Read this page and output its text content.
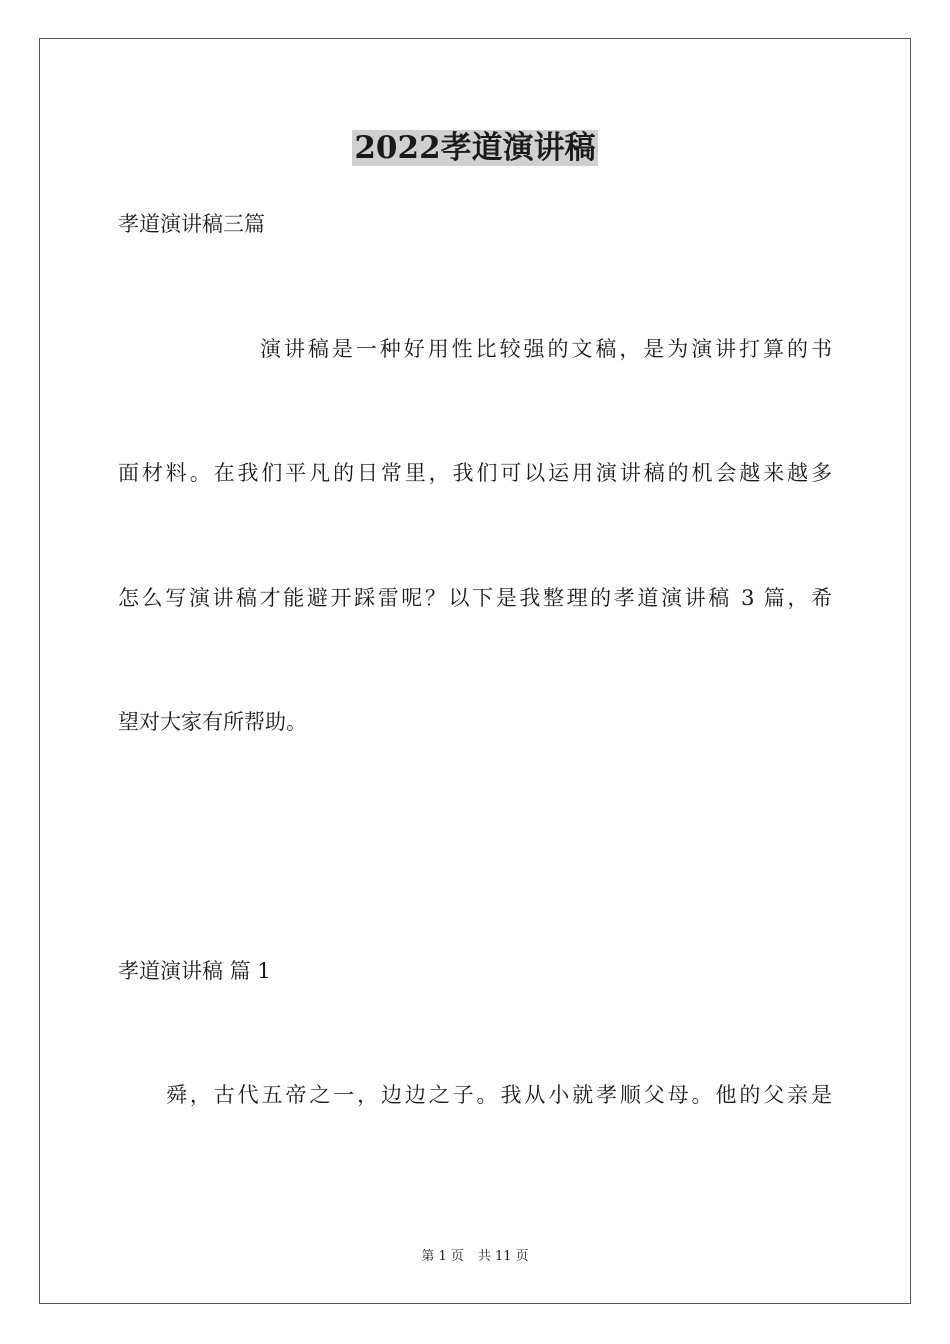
2022孝道演讲稿
孝道演讲稿三篇
演讲稿是一种好用性比较强的文稿，是为演讲打算的书
面材料。在我们平凡的日常里，我们可以运用演讲稿的机会越来越多
怎么写演讲稿才能避开踩雷呢？以下是我整理的孝道演讲稿 3 篇，希
望对大家有所帮助。
孝道演讲稿 篇 1
舜，古代五帝之一，边边之子。我从小就孝顺父母。他的父亲是
第 1 页 共 11 页
